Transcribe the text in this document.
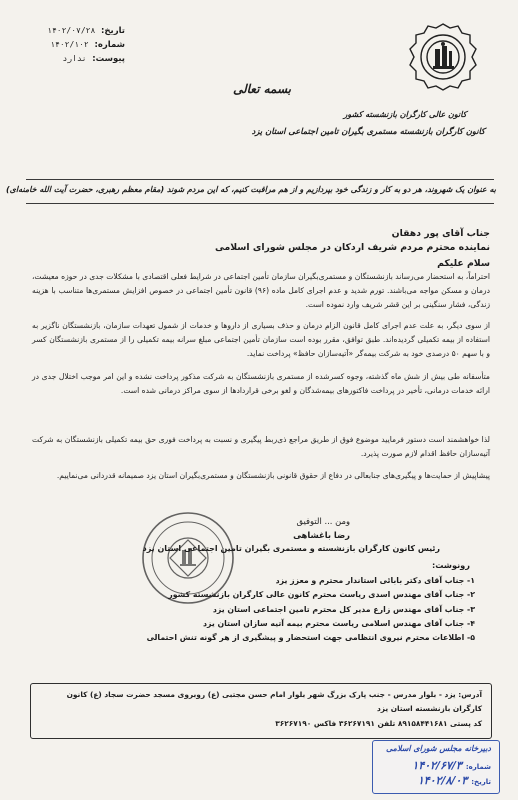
تاریخ: ۱۴۰۲/۰۷/۲۸
شماره: ۱۴۰۲/۱۰۲
پیوست: ندارد
بسمه تعالی
کانون عالی کارگران بازنشسته کشور
کانون کارگران بازنشسته مستمری بگیران تامین اجتماعی استان یزد
به عنوان یک شهروند، هر دو به کار و زندگی خود بپردازیم و از هم مراقبت کنیم، که این مردم شوند (مقام معظم رهبری، حضرت آیت الله خامنه‌ای)
جناب آقای پور دهقان
نماینده محترم مردم شریف اردکان در مجلس شورای اسلامی
سلام علیکم
احتراماً، به استحضار می‌رساند بازنشستگان و مستمری‌بگیران سازمان تأمین اجتماعی در شرایط فعلی اقتصادی با مشکلات جدی در حوزه معیشت، درمان و مسکن مواجه می‌باشند. تورم شدید و عدم اجرای کامل ماده (۹۶) قانون تأمین اجتماعی در خصوص افزایش مستمری‌ها متناسب با هزینه زندگی، فشار سنگینی بر این قشر شریف وارد نموده است.
از سوی دیگر، به علت عدم اجرای کامل قانون الزام درمان و حذف بسیاری از داروها و خدمات از شمول تعهدات سازمان، بازنشستگان ناگزیر به استفاده از بیمه تکمیلی گردیده‌اند. طبق توافق، مقرر بوده است سازمان تأمین اجتماعی مبلغ سرانه بیمه تکمیلی را از مستمری بازنشستگان کسر و با سهم ۵۰ درصدی خود به شرکت بیمه‌گر «آتیه‌سازان حافظ» پرداخت نماید.
متأسفانه طی بیش از شش ماه گذشته، وجوه کسرشده از مستمری بازنشستگان به شرکت مذکور پرداخت نشده و این امر موجب اختلال جدی در ارائه خدمات درمانی، تأخیر در پرداخت فاکتورهای بیمه‌شدگان و لغو برخی قراردادها از سوی مراکز درمانی شده است.
لذا خواهشمند است دستور فرمایید موضوع فوق از طریق مراجع ذی‌ربط پیگیری و نسبت به پرداخت فوری حق بیمه تکمیلی بازنشستگان به شرکت آتیه‌سازان حافظ اقدام لازم صورت پذیرد.
پیشاپیش از حمایت‌ها و پیگیری‌های جنابعالی در دفاع از حقوق قانونی بازنشستگان و مستمری‌بگیران استان یزد صمیمانه قدردانی می‌نماییم.
ومن ... التوفیق
رضا باغشاهی
رئیس کانون کارگران بازنشسته و مستمری بگیران تامین اجتماعی استان یزد
رونوشت:
۱- جناب آقای دکتر بابائی استاندار محترم و معزز یزد
۲- جناب آقای مهندس اسدی ریاست محترم کانون عالی کارگران بازنشسته کشور
۳- جناب آقای مهندس زارع مدیر کل محترم تامین اجتماعی استان یزد
۴- جناب آقای مهندس اسلامی ریاست محترم بیمه آتیه سازان استان یزد
۵- اطلاعات محترم نیروی انتظامی جهت استحضار و پیشگیری از هر گونه تنش احتمالی
آدرس: یزد - بلوار مدرس - جنب پارک بزرگ شهر بلوار امام حسن مجتبی (ع) روبروی مسجد حضرت سجاد (ع) کانون
کارگران بازنشسته استان یزد
کد پستی ۸۹۱۵۸۴۴۱۶۸۱ تلفن ۳۶۲۶۷۱۹۱ فاکس ۳۶۲۶۷۱۹۰
دبیرخانه مجلس شورای اسلامی
شماره:۱۴۰۲/۶۷/۳
تاریخ:۱۴۰۲/۸/۰۳
